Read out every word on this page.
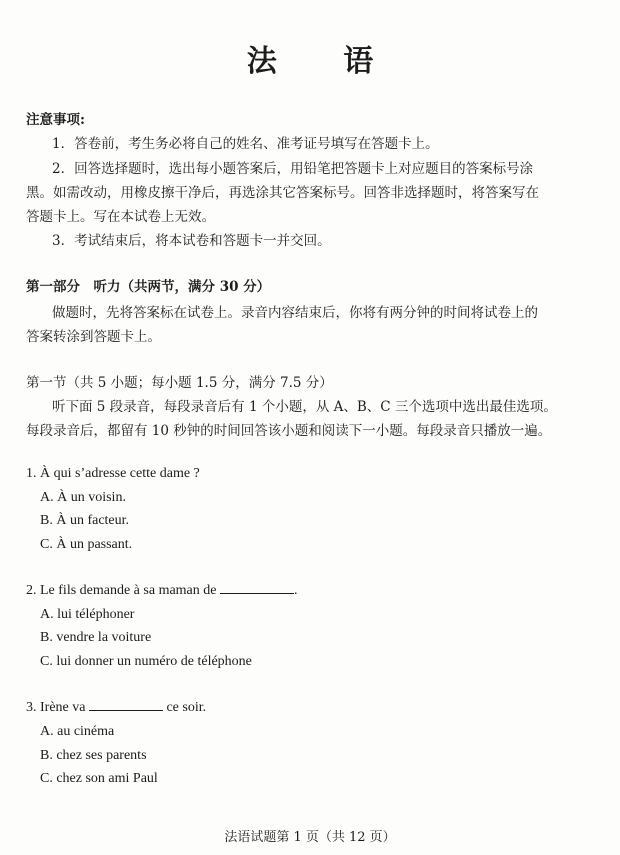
法 语
注意事项:
1．答卷前，考生务必将自己的姓名、准考证号填写在答题卡上。
2．回答选择题时，选出每小题答案后，用铅笔把答题卡上对应题目的答案标号涂
黑。如需改动，用橡皮擦干净后，再选涂其它答案标号。回答非选择题时，将答案写在
答题卡上。写在本试卷上无效。
3．考试结束后，将本试卷和答题卡一并交回。
第一部分　听力（共两节，满分 30 分）
做题时，先将答案标在试卷上。录音内容结束后，你将有两分钟的时间将试卷上的
答案转涂到答题卡上。
第一节（共 5 小题；每小题 1.5 分，满分 7.5 分）
听下面 5 段录音，每段录音后有 1 个小题，从 A、B、C 三个选项中选出最佳选项。
每段录音后，都留有 10 秒钟的时间回答该小题和阅读下一小题。每段录音只播放一遍。
1. À qui s’adresse cette dame ?
A. À un voisin.
B. À un facteur.
C. À un passant.
2. Le fils demande à sa maman de	.
A. lui téléphoner
B. vendre la voiture
C. lui donner un numéro de téléphone
3. Irène va	ce soir.
A. au cinéma
B. chez ses parents
C. chez son ami Paul
法语试题第 1 页（共 12 页）
